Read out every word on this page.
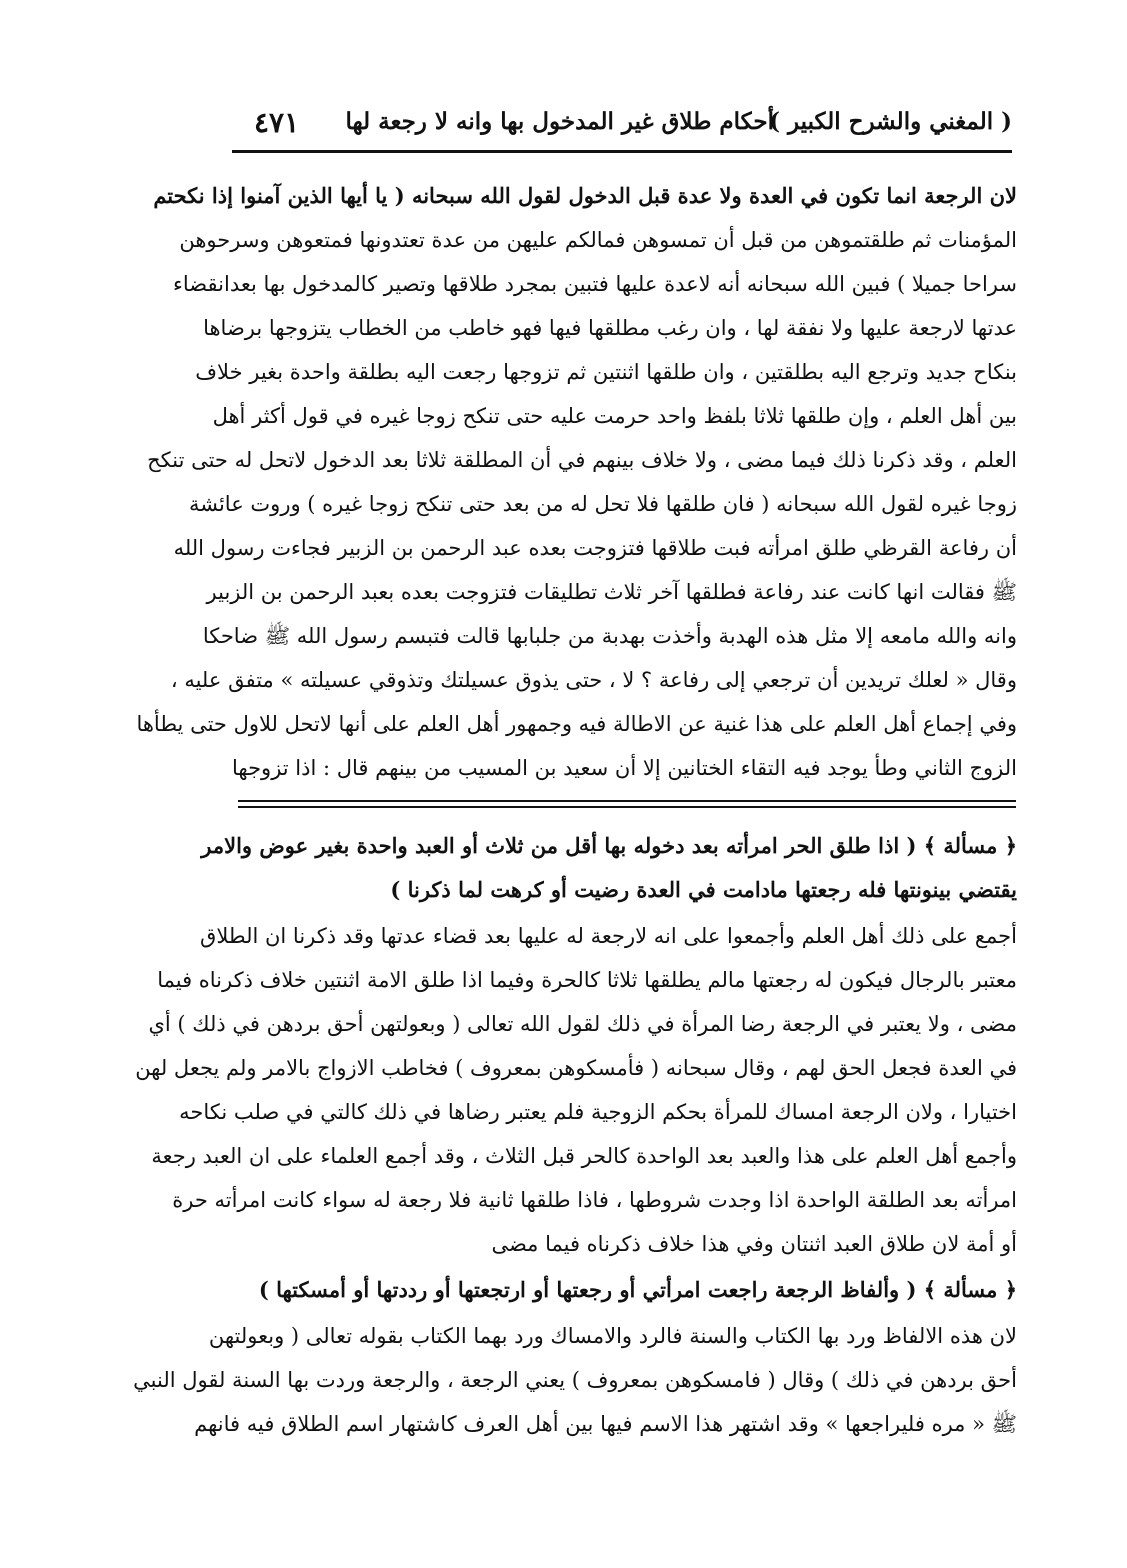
( المغني والشرح الكبير )
أحكام طلاق غير المدخول بها وانه لا رجعة لها
٤٧١
لان الرجعة انما تكون في العدة ولا عدة قبل الدخول لقول الله سبحانه ( يا أيها الذين آمنوا إذا نكحتم
المؤمنات ثم طلقتموهن من قبل أن تمسوهن فمالكم عليهن من عدة تعتدونها فمتعوهن وسرحوهن
سراحا جميلا ) فبين الله سبحانه أنه لاعدة عليها فتبين بمجرد طلاقها وتصير كالمدخول بها بعدانقضاء
عدتها لارجعة عليها ولا نفقة لها ، وان رغب مطلقها فيها فهو خاطب من الخطاب يتزوجها برضاها
بنكاح جديد وترجع اليه بطلقتين ، وان طلقها اثنتين ثم تزوجها رجعت اليه بطلقة واحدة بغير خلاف
بين أهل العلم ، وإن طلقها ثلاثا بلفظ واحد حرمت عليه حتى تنكح زوجا غيره في قول أكثر أهل
العلم ، وقد ذكرنا ذلك فيما مضى ، ولا خلاف بينهم في أن المطلقة ثلاثا بعد الدخول لاتحل له حتى تنكح
زوجا غيره لقول الله سبحانه ( فان طلقها فلا تحل له من بعد حتى تنكح زوجا غيره ) وروت عائشة
أن رفاعة القرظي طلق امرأته فبت طلاقها فتزوجت بعده عبد الرحمن بن الزبير فجاءت رسول الله
ﷺ فقالت انها كانت عند رفاعة فطلقها آخر ثلاث تطليقات فتزوجت بعده بعبد الرحمن بن الزبير
وانه والله مامعه إلا مثل هذه الهدبة وأخذت بهدبة من جلبابها قالت فتبسم رسول الله ﷺ ضاحكا
وقال « لعلك تريدين أن ترجعي إلى رفاعة ؟ لا ، حتى يذوق عسيلتك وتذوقي عسيلته » متفق عليه ،
وفي إجماع أهل العلم على هذا غنية عن الاطالة فيه وجمهور أهل العلم على أنها لاتحل للاول حتى يطأها
الزوج الثاني وطأ يوجد فيه التقاء الختانين إلا أن سعيد بن المسيب من بينهم قال : اذا تزوجها
﴿ مسألة ﴾ ( اذا طلق الحر امرأته بعد دخوله بها أقل من ثلاث أو العبد واحدة بغير عوض والامر
يقتضي بينونتها فله رجعتها مادامت في العدة رضيت أو كرهت لما ذكرنا )
أجمع على ذلك أهل العلم وأجمعوا على انه لارجعة له عليها بعد قضاء عدتها وقد ذكرنا ان الطلاق
معتبر بالرجال فيكون له رجعتها مالم يطلقها ثلاثا كالحرة وفيما اذا طلق الامة اثنتين خلاف ذكرناه فيما
مضى ، ولا يعتبر في الرجعة رضا المرأة في ذلك لقول الله تعالى ( وبعولتهن أحق بردهن في ذلك ) أي
في العدة فجعل الحق لهم ، وقال سبحانه ( فأمسكوهن بمعروف ) فخاطب الازواج بالامر ولم يجعل لهن
اختيارا ، ولان الرجعة امساك للمرأة بحكم الزوجية فلم يعتبر رضاها في ذلك كالتي في صلب نكاحه
وأجمع أهل العلم على هذا والعبد بعد الواحدة كالحر قبل الثلاث ، وقد أجمع العلماء على ان العبد رجعة
امرأته بعد الطلقة الواحدة اذا وجدت شروطها ، فاذا طلقها ثانية فلا رجعة له سواء كانت امرأته حرة
أو أمة لان طلاق العبد اثنتان وفي هذا خلاف ذكرناه فيما مضى
﴿ مسألة ﴾ ( وألفاظ الرجعة راجعت امرأتي أو رجعتها أو ارتجعتها أو رددتها أو أمسكتها )
لان هذه الالفاظ ورد بها الكتاب والسنة فالرد والامساك ورد بهما الكتاب بقوله تعالى ( وبعولتهن
أحق بردهن في ذلك ) وقال ( فامسكوهن بمعروف ) يعني الرجعة ، والرجعة وردت بها السنة لقول النبي
ﷺ « مره فليراجعها » وقد اشتهر هذا الاسم فيها بين أهل العرف كاشتهار اسم الطلاق فيه فانهم
